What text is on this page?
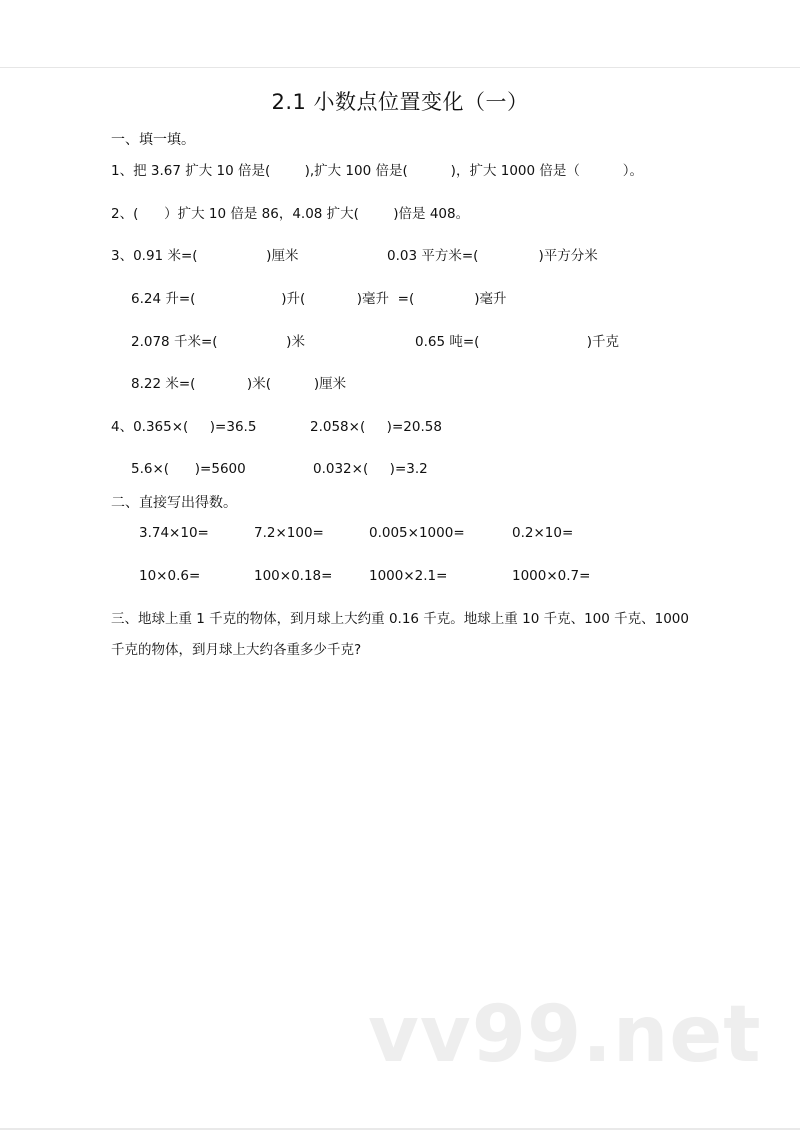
2.1 小数点位置变化（一）
一、填一填。
1、把 3.67 扩大 10 倍是(        ),扩大 100 倍是(          )，扩大 1000 倍是（          ）。
2、(      ）扩大 10 倍是 86，4.08 扩大(        )倍是 408。
3、0.91 米=(                )厘米	0.03 平方米=(              )平方分米
6.24 升=(                    )升(            )毫升  =(              )毫升
2.078 千米=(                )米	0.65 吨=(                         )千克
8.22 米=(            )米(          )厘米
4、0.365×(     )=36.5	2.058×(     )=20.58
5.6×(      )=5600	0.032×(     )=3.2
二、直接写出得数。
3.74×10=	7.2×100=	0.005×1000=	0.2×10=
10×0.6=	100×0.18=	1000×2.1=	1000×0.7=
三、地球上重 1 千克的物体，到月球上大约重 0.16 千克。地球上重 10 千克、100 千克、1000
千克的物体，到月球上大约各重多少千克?
vv99.net
